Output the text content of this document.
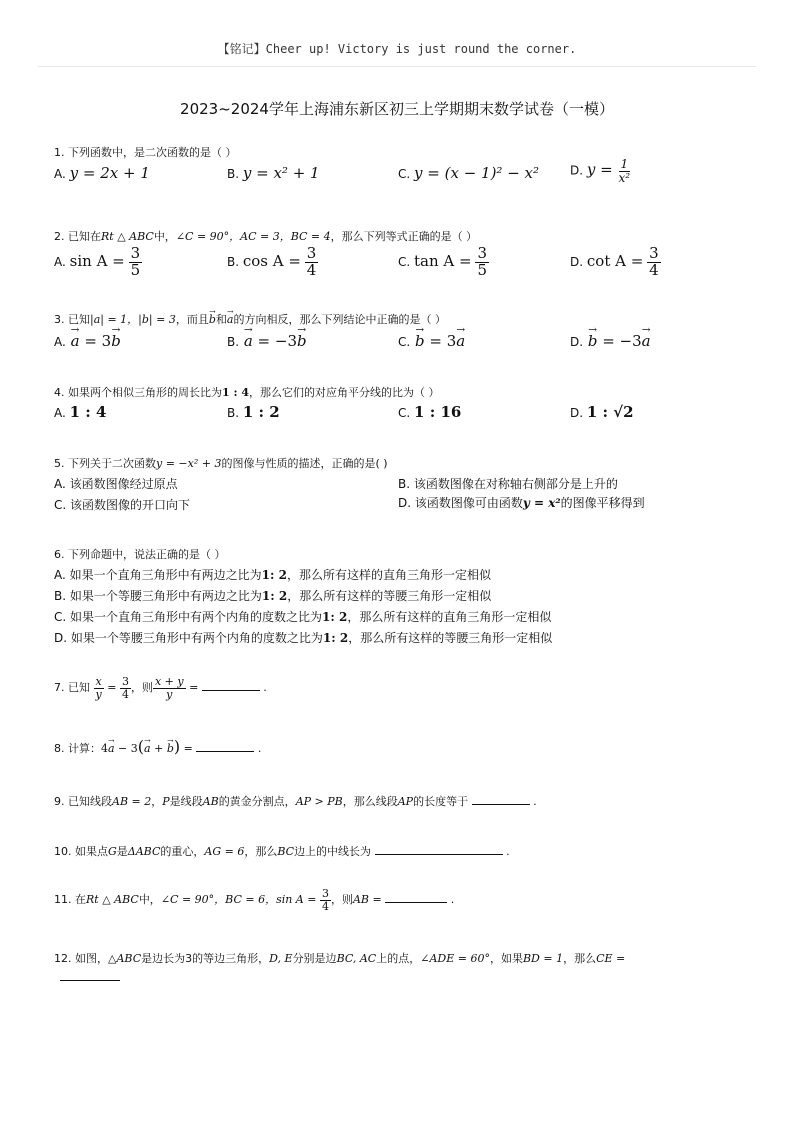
【铭记】Cheer up! Victory is just round the corner.
2023~2024学年上海浦东新区初三上学期期末数学试卷（一模）
1. 下列函数中，是二次函数的是（ ）
A. y = 2x + 1	B. y = x² + 1	C. y = (x − 1)² − x²	D. $y = \frac{1}{\text{x²}}$
2. 已知在Rt △ ABC中，∠C = 90°，AC = 3，BC = 4，那么下列等式正确的是（ ）
A. $\sin A = \frac{3}{5}$	B. $\cos A = \frac{3}{4}$	C. $\tan A = \frac{3}{5}$	D. $\cot A = \frac{3}{4}$
3. 已知|a| = 1，|b| = 3，而且→ b和→ a的方向相反，那么下列结论中正确的是（ ）
A. → a = 3→ b	B. → a = −3→ b	C. → b = 3→ a	D. → b = −3→ a
4. 如果两个相似三角形的周长比为1 : 4，那么它们的对应角平分线的比为（ ）
A. 1 : 4	B. 1 : 2	C. 1 : 16	D. 1 : √2
5. 下列关于二次函数y = −x² + 3的图像与性质的描述，正确的是( )
A. 该函数图像经过原点	B. 该函数图像在对称轴右侧部分是上升的
C. 该函数图像的开口向下	D. 该函数图像可由函数y = x²的图像平移得到
6. 下列命题中，说法正确的是（ ）
A. 如果一个直角三角形中有两边之比为1: 2，那么所有这样的直角三角形一定相似
B. 如果一个等腰三角形中有两边之比为1: 2，那么所有这样的等腰三角形一定相似
C. 如果一个直角三角形中有两个内角的度数之比为1: 2，那么所有这样的直角三角形一定相似
D. 如果一个等腰三角形中有两个内角的度数之比为1: 2，那么所有这样的等腰三角形一定相似
7. 已知 $\frac{x}{y} = \frac{3}{4}$ ，则 $\frac{x + y}{y}$ =	.
8. 计算：4→ a − 3(→ a + → b) =	.
9. 已知线段AB = 2，P是线段AB的黄金分割点，AP > PB，那么线段AP的长度等于	.
10. 如果点G是ΔABC的重心，AG = 6，那么BC边上的中线长为	.
11. 在Rt △ ABC中，∠C = 90°，BC = 6，$\sin A = \frac{3}{4}$ ，则AB =	.
12. 如图，△ABC是边长为3的等边三角形，D, E分别是边BC, AC上的点，∠ADE = 60°，如果BD = 1，那么CE =
